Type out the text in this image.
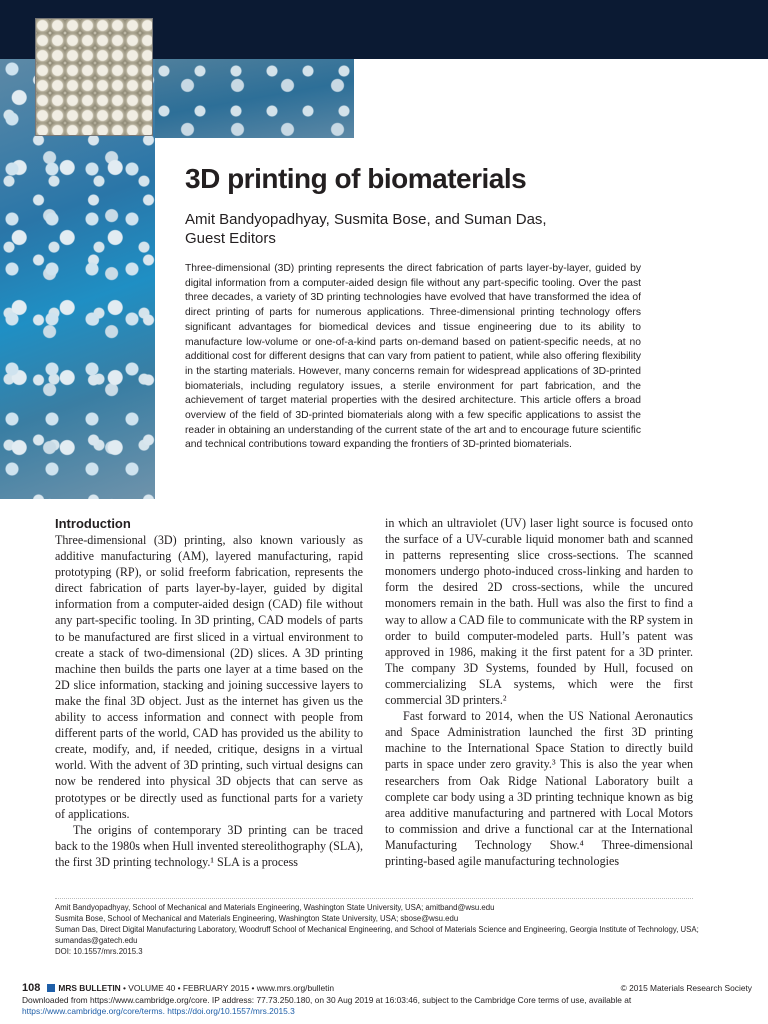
3D printing of biomaterials
Amit Bandyopadhyay, Susmita Bose, and Suman Das,
Guest Editors

Three-dimensional (3D) printing represents the direct fabrication of parts layer-by-layer, guided by digital information from a computer-aided design file without any part-specific tooling. Over the past three decades, a variety of 3D printing technologies have evolved that have transformed the idea of direct printing of parts for numerous applications. Three-dimensional printing technology offers significant advantages for biomedical devices and tissue engineering due to its ability to manufacture low-volume or one-of-a-kind parts on-demand based on patient-specific needs, at no additional cost for different designs that can vary from patient to patient, while also offering flexibility in the starting materials. However, many concerns remain for widespread applications of 3D-printed biomaterials, including regulatory issues, a sterile environment for part fabrication, and the achievement of target material properties with the desired architecture. This article offers a broad overview of the field of 3D-printed biomaterials along with a few specific applications to assist the reader in obtaining an understanding of the current state of the art and to encourage future scientific and technical contributions toward expanding the frontiers of 3D-printed biomaterials.

Introduction

Three-dimensional (3D) printing, also known variously as additive manufacturing (AM), layered manufacturing, rapid prototyping (RP), or solid freeform fabrication, represents the direct fabrication of parts layer-by-layer, guided by digital information from a computer-aided design (CAD) file without any part-specific tooling. In 3D printing, CAD models of parts to be manufactured are first sliced in a virtual environment to create a stack of two-dimensional (2D) slices. A 3D printing machine then builds the parts one layer at a time based on the 2D slice information, stacking and joining successive layers to make the final 3D object. Just as the internet has given us the ability to access information and connect with people from different parts of the world, CAD has provided us the ability to create, modify, and, if needed, critique, designs in a virtual world. With the advent of 3D printing, such virtual designs can now be rendered into physical 3D objects that can serve as prototypes or be directly used as functional parts for a variety of applications.

The origins of contemporary 3D printing can be traced back to the 1980s when Hull invented stereolithography (SLA), the first 3D printing technology.¹ SLA is a process

in which an ultraviolet (UV) laser light source is focused onto the surface of a UV-curable liquid monomer bath and scanned in patterns representing slice cross-sections. The scanned monomers undergo photo-induced cross-linking and harden to form the desired 2D cross-sections, while the uncured monomers remain in the bath. Hull was also the first to find a way to allow a CAD file to communicate with the RP system in order to build computer-modeled parts. Hull’s patent was approved in 1986, making it the first patent for a 3D printer. The company 3D Systems, founded by Hull, focused on commercializing SLA systems, which were the first commercial 3D printers.²

Fast forward to 2014, when the US National Aeronautics and Space Administration launched the first 3D printing machine to the International Space Station to directly build parts in space under zero gravity.³ This is also the year when researchers from Oak Ridge National Laboratory built a complete car body using a 3D printing technique known as big area additive manufacturing and partnered with Local Motors to commission and drive a functional car at the International Manufacturing Technology Show.⁴ Three-dimensional printing-based agile manufacturing technologies

Amit Bandyopadhyay, School of Mechanical and Materials Engineering, Washington State University, USA; amitband@wsu.edu
Susmita Bose, School of Mechanical and Materials Engineering, Washington State University, USA; sbose@wsu.edu
Suman Das, Direct Digital Manufacturing Laboratory, Woodruff School of Mechanical Engineering, and School of Materials Science and Engineering, Georgia Institute of Technology, USA;
sumandas@gatech.edu
DOI: 10.1557/mrs.2015.3
108 MRS BULLETIN • VOLUME 40 • FEBRUARY 2015 • www.mrs.org/bulletin	© 2015 Materials Research Society
Downloaded from https://www.cambridge.org/core. IP address: 77.73.250.180, on 30 Aug 2019 at 16:03:46, subject to the Cambridge Core terms of use, available at
https://www.cambridge.org/core/terms. https://doi.org/10.1557/mrs.2015.3
